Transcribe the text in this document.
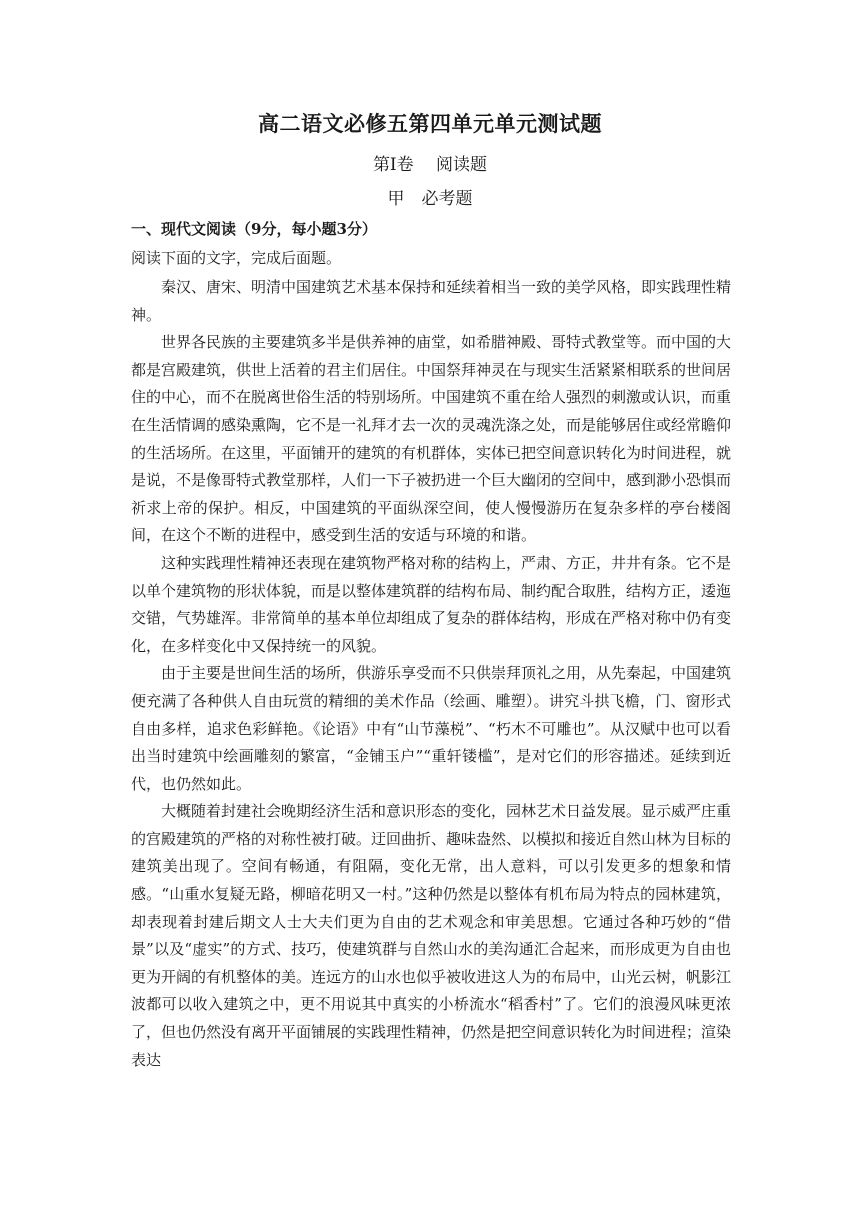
高二语文必修五第四单元单元测试题
第Ⅰ卷　 阅读题
甲　必考题
一、现代文阅读（9分，每小题3分）
阅读下面的文字，完成后面题。

秦汉、唐宋、明清中国建筑艺术基本保持和延续着相当一致的美学风格，即实践理性精神。

世界各民族的主要建筑多半是供养神的庙堂，如希腊神殿、哥特式教堂等。而中国的大都是宫殿建筑，供世上活着的君主们居住。中国祭拜神灵在与现实生活紧紧相联系的世间居住的中心，而不在脱离世俗生活的特别场所。中国建筑不重在给人强烈的刺激或认识，而重在生活情调的感染熏陶，它不是一礼拜才去一次的灵魂洗涤之处，而是能够居住或经常瞻仰的生活场所。在这里，平面铺开的建筑的有机群体，实体已把空间意识转化为时间进程，就是说，不是像哥特式教堂那样，人们一下子被扔进一个巨大幽闭的空间中，感到渺小恐惧而祈求上帝的保护。相反，中国建筑的平面纵深空间，使人慢慢游历在复杂多样的亭台楼阁间，在这个不断的进程中，感受到生活的安适与环境的和谐。

这种实践理性精神还表现在建筑物严格对称的结构上，严肃、方正，井井有条。它不是以单个建筑物的形状体貌，而是以整体建筑群的结构布局、制约配合取胜，结构方正，逶迤交错，气势雄浑。非常简单的基本单位却组成了复杂的群体结构，形成在严格对称中仍有变化，在多样变化中又保持统一的风貌。

由于主要是世间生活的场所，供游乐享受而不只供崇拜顶礼之用，从先秦起，中国建筑便充满了各种供人自由玩赏的精细的美术作品（绘画、雕塑）。讲究斗拱飞檐，门、窗形式自由多样，追求色彩鲜艳。《论语》中有“山节藻棁”、“朽木不可雕也”。从汉赋中也可以看出当时建筑中绘画雕刻的繁富，“金铺玉户”“重轩镂槛”，是对它们的形容描述。延续到近代，也仍然如此。

大概随着封建社会晚期经济生活和意识形态的变化，园林艺术日益发展。显示威严庄重的宫殿建筑的严格的对称性被打破。迂回曲折、趣味盎然、以模拟和接近自然山林为目标的建筑美出现了。空间有畅通，有阻隔，变化无常，出人意料，可以引发更多的想象和情感。“山重水复疑无路，柳暗花明又一村。”这种仍然是以整体有机布局为特点的园林建筑，却表现着封建后期文人士大夫们更为自由的艺术观念和审美思想。它通过各种巧妙的“借景”以及“虚实”的方式、技巧，使建筑群与自然山水的美沟通汇合起来，而形成更为自由也更为开阔的有机整体的美。连远方的山水也似乎被收进这人为的布局中，山光云树，帆影江波都可以收入建筑之中，更不用说其中真实的小桥流水“稻香村”了。它们的浪漫风味更浓了，但也仍然没有离开平面铺展的实践理性精神，仍然是把空间意识转化为时间进程；渲染表达
